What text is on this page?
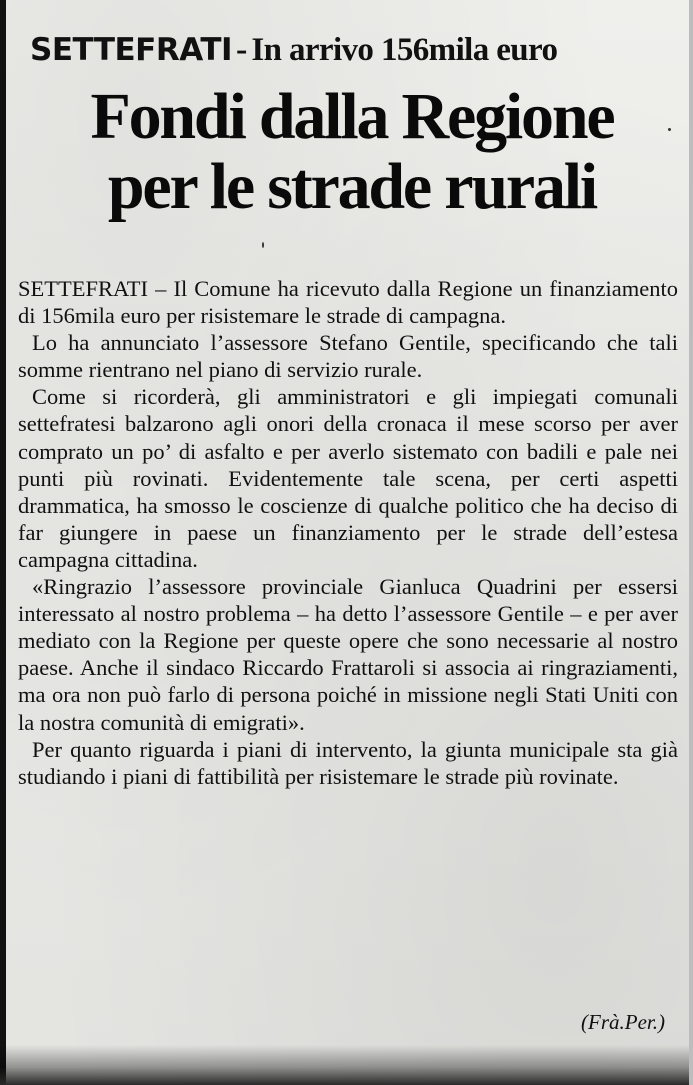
SETTEFRATI - In arrivo 156mila euro
Fondi dalla Regione
per le strade rurali

SETTEFRATI – Il Comune ha ricevuto dalla Regione un finanziamento di 156mila euro per risistemare le strade di campagna.

Lo ha annunciato l’assessore Stefano Gentile, specificando che tali somme rientrano nel piano di servizio rurale.

Come si ricorderà, gli amministratori e gli impiegati comunali settefratesi balzarono agli onori della cronaca il mese scorso per aver comprato un po’ di asfalto e per averlo sistemato con badili e pale nei punti più rovinati. Evidentemente tale scena, per certi aspetti drammatica, ha smosso le coscienze di qualche politico che ha deciso di far giungere in paese un finanziamento per le strade dell’estesa campagna cittadina.

«Ringrazio l’assessore provinciale Gianluca Quadrini per essersi interessato al nostro problema – ha detto l’assessore Gentile – e per aver mediato con la Regione per queste opere che sono necessarie al nostro paese. Anche il sindaco Riccardo Frattaroli si associa ai ringraziamenti, ma ora non può farlo di persona poiché in missione negli Stati Uniti con la nostra comunità di emigrati».

Per quanto riguarda i piani di intervento, la giunta municipale sta già studiando i piani di fattibilità per risistemare le strade più rovinate.

(Frà.Per.)
